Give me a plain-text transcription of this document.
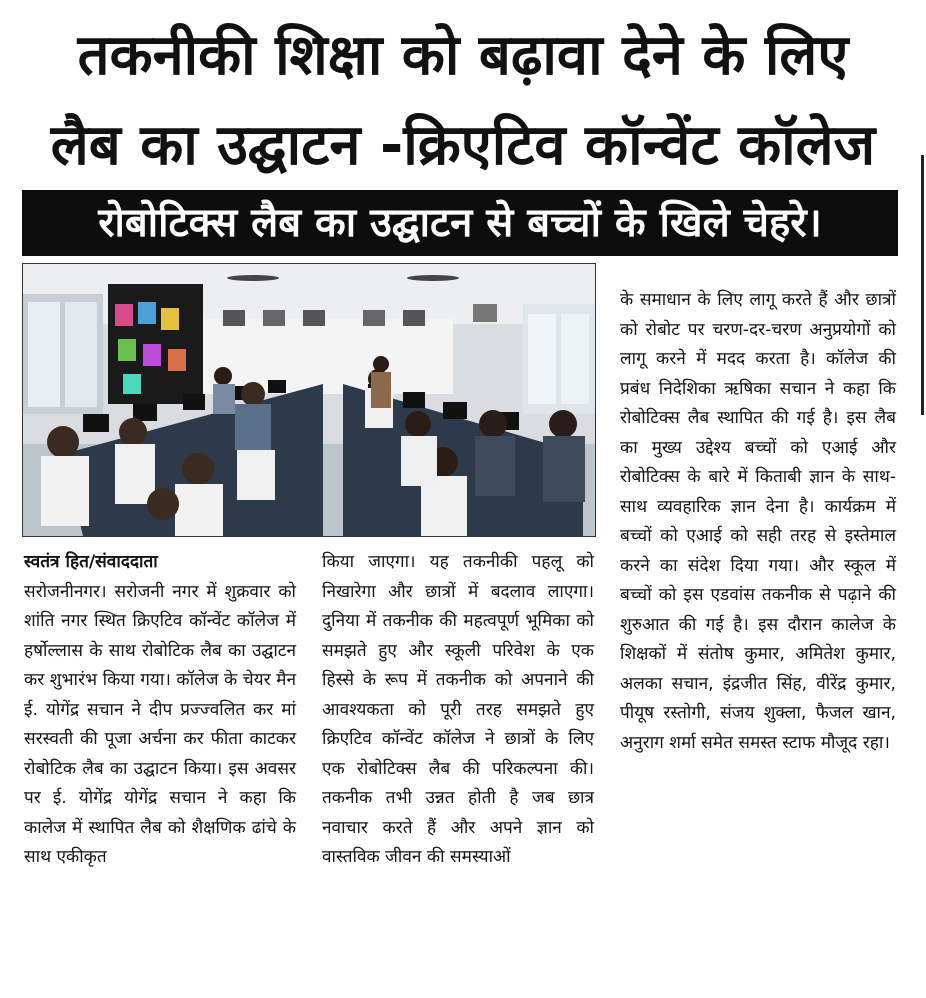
तकनीकी शिक्षा को बढ़ावा देने के लिए
लैब का उद्घाटन -क्रिएटिव कॉन्वेंट कॉलेज
रोबोटिक्स लैब का उद्घाटन से बच्चों के खिले चेहरे।

स्वतंत्र हित/संवाददाता

सरोजनीनगर। सरोजनी नगर में शुक्रवार को शांति नगर स्थित क्रिएटिव कॉन्वेंट कॉलेज में हर्षोल्लास के साथ रोबोटिक लैब का उद्घाटन कर शुभारंभ किया गया। कॉलेज के चेयर मैन ई. योगेंद्र सचान ने दीप प्रज्ज्वलित कर मां सरस्वती की पूजा अर्चना कर फीता काटकर रोबोटिक लैब का उद्घाटन किया। इस अवसर पर ई. योगेंद्र योगेंद्र सचान ने कहा कि कालेज में स्थापित लैब को शैक्षणिक ढांचे के साथ एकीकृत

किया जाएगा। यह तकनीकी पहलू को निखारेगा और छात्रों में बदलाव लाएगा। दुनिया में तकनीक की महत्वपूर्ण भूमिका को समझते हुए और स्कूली परिवेश के एक हिस्से के रूप में तकनीक को अपनाने की आवश्यकता को पूरी तरह समझते हुए क्रिएटिव कॉन्वेंट कॉलेज ने छात्रों के लिए एक रोबोटिक्स लैब की परिकल्पना की। तकनीक तभी उन्नत होती है जब छात्र नवाचार करते हैं और अपने ज्ञान को वास्तविक जीवन की समस्याओं

के समाधान के लिए लागू करते हैं और छात्रों को रोबोट पर चरण-दर-चरण अनुप्रयोगों को लागू करने में मदद करता है। कॉलेज की प्रबंध निदेशिका ऋषिका सचान ने कहा कि रोबोटिक्स लैब स्थापित की गई है। इस लैब का मुख्य उद्देश्य बच्चों को एआई और रोबोटिक्स के बारे में किताबी ज्ञान के साथ-साथ व्यवहारिक ज्ञान देना है। कार्यक्रम में बच्चों को एआई को सही तरह से इस्तेमाल करने का संदेश दिया गया। और स्कूल में बच्चों को इस एडवांस तकनीक से पढ़ाने की शुरुआत की गई है। इस दौरान कालेज के शिक्षकों में संतोष कुमार, अमितेश कुमार, अलका सचान, इंद्रजीत सिंह, वीरेंद्र कुमार, पीयूष रस्तोगी, संजय शुक्ला, फैजल खान, अनुराग शर्मा समेत समस्त स्टाफ मौजूद रहा।
